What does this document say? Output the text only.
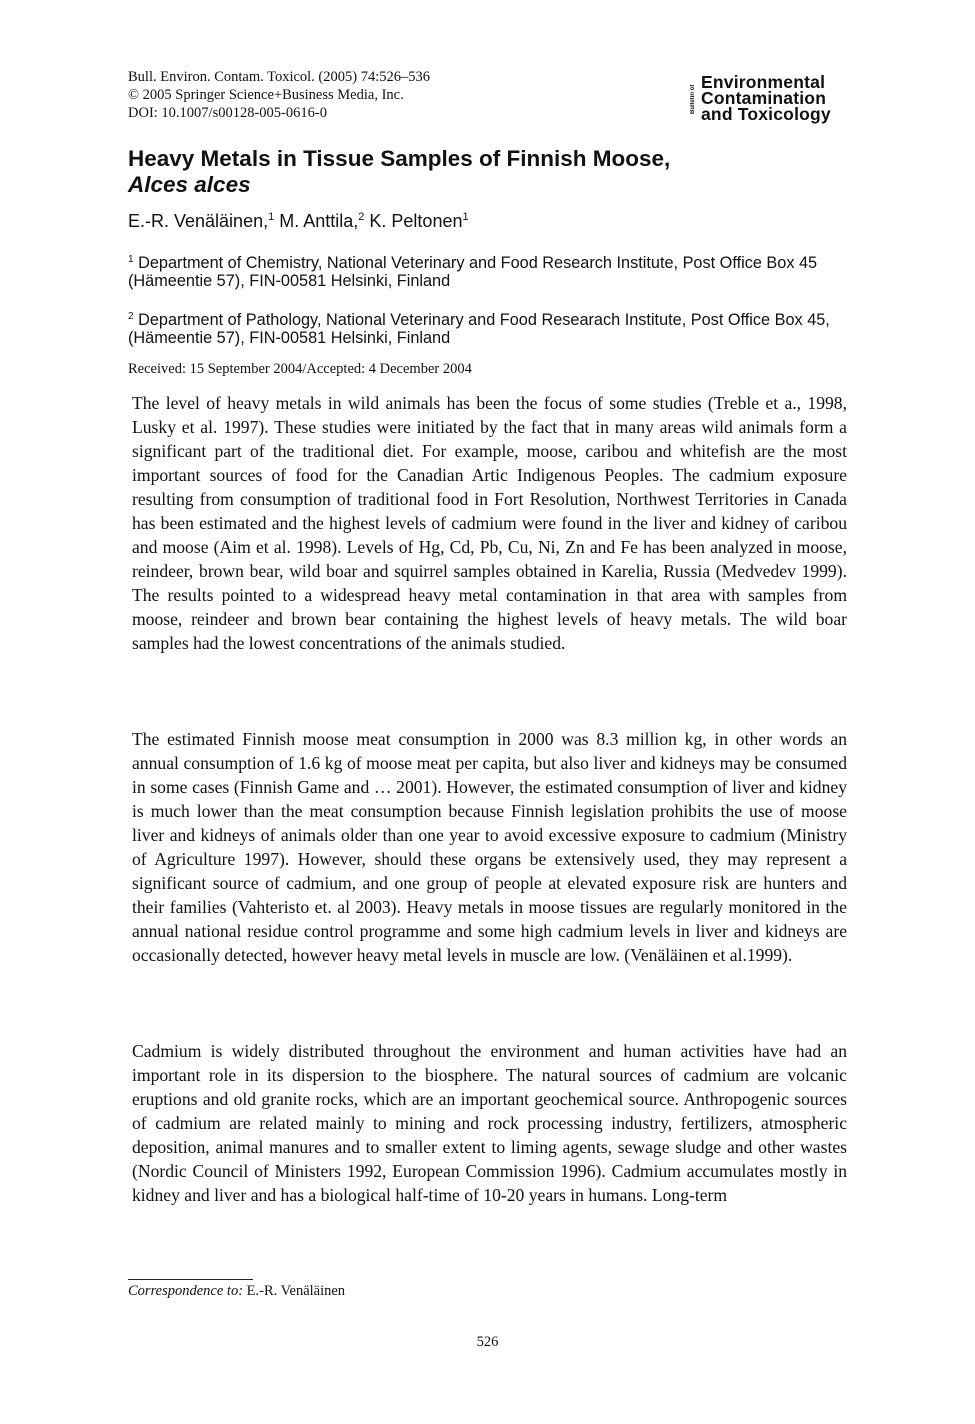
Bull. Environ. Contam. Toxicol. (2005) 74:526–536
© 2005 Springer Science+Business Media, Inc.
DOI: 10.1007/s00128-005-0616-0	Bulletin of
Environmental
Contamination
and Toxicology
Heavy Metals in Tissue Samples of Finnish Moose,
Alces alces
E.-R. Venäläinen,$^1$ M. Anttila,$^2$ K. Peltonen$^1$
$^1$ Department of Chemistry, National Veterinary and Food Research Institute, Post Office Box 45 (Hämeentie 57), FIN-00581 Helsinki, Finland
$^2$ Department of Pathology, National Veterinary and Food Researach Institute, Post Office Box 45, (Hämeentie 57), FIN-00581 Helsinki, Finland
Received: 15 September 2004/Accepted: 4 December 2004

The level of heavy metals in wild animals has been the focus of some studies (Treble et a., 1998, Lusky et al. 1997). These studies were initiated by the fact that in many areas wild animals form a significant part of the traditional diet. For example, moose, caribou and whitefish are the most important sources of food for the Canadian Artic Indigenous Peoples. The cadmium exposure resulting from consumption of traditional food in Fort Resolution, Northwest Territories in Canada has been estimated and the highest levels of cadmium were found in the liver and kidney of caribou and moose (Aim et al. 1998). Levels of Hg, Cd, Pb, Cu, Ni, Zn and Fe has been analyzed in moose, reindeer, brown bear, wild boar and squirrel samples obtained in Karelia, Russia (Medvedev 1999). The results pointed to a widespread heavy metal contamination in that area with samples from moose, reindeer and brown bear containing the highest levels of heavy metals. The wild boar samples had the lowest concentrations of the animals studied.

The estimated Finnish moose meat consumption in 2000 was 8.3 million kg, in other words an annual consumption of 1.6 kg of moose meat per capita, but also liver and kidneys may be consumed in some cases (Finnish Game and … 2001). However, the estimated consumption of liver and kidney is much lower than the meat consumption because Finnish legislation prohibits the use of moose liver and kidneys of animals older than one year to avoid excessive exposure to cadmium (Ministry of Agriculture 1997). However, should these organs be extensively used, they may represent a significant source of cadmium, and one group of people at elevated exposure risk are hunters and their families (Vahteristo et. al 2003). Heavy metals in moose tissues are regularly monitored in the annual national residue control programme and some high cadmium levels in liver and kidneys are occasionally detected, however heavy metal levels in muscle are low. (Venäläinen et al.1999).

Cadmium is widely distributed throughout the environment and human activities have had an important role in its dispersion to the biosphere. The natural sources of cadmium are volcanic eruptions and old granite rocks, which are an important geochemical source. Anthropogenic sources of cadmium are related mainly to mining and rock processing industry, fertilizers, atmospheric deposition, animal manures and to smaller extent to liming agents, sewage sludge and other wastes (Nordic Council of Ministers 1992, European Commission 1996). Cadmium accumulates mostly in kidney and liver and has a biological half-time of 10-20 years in humans. Long-term

Correspondence to: E.-R. Venäläinen
526
